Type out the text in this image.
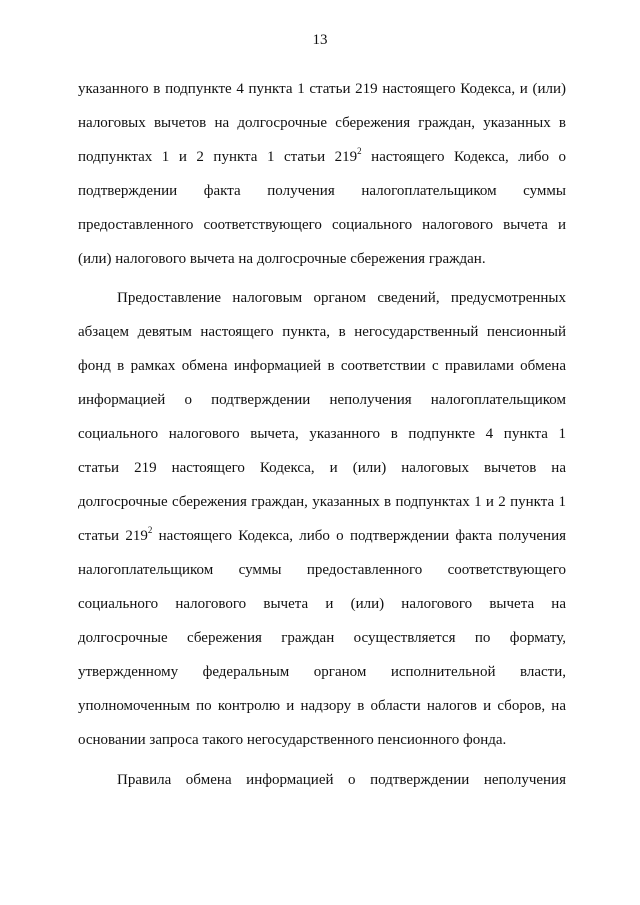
13
указанного в подпункте 4 пункта 1 статьи 219 настоящего Кодекса, и (или)
налоговых вычетов на долгосрочные сбережения граждан, указанных в
подпунктах 1 и 2 пункта 1 статьи $219^2$ настоящего Кодекса, либо о
подтверждении факта получения налогоплательщиком суммы
предоставленного соответствующего социального налогового вычета и
(или) налогового вычета на долгосрочные сбережения граждан.
Предоставление налоговым органом сведений, предусмотренных
абзацем девятым настоящего пункта, в негосударственный пенсионный
фонд в рамках обмена информацией в соответствии с правилами обмена
информацией о подтверждении неполучения налогоплательщиком
социального налогового вычета, указанного в подпункте 4 пункта 1
статьи 219 настоящего Кодекса, и (или) налоговых вычетов на
долгосрочные сбережения граждан, указанных в подпунктах 1 и 2 пункта 1
статьи $219^2$ настоящего Кодекса, либо о подтверждении факта получения
налогоплательщиком суммы предоставленного соответствующего
социального налогового вычета и (или) налогового вычета на
долгосрочные сбережения граждан осуществляется по формату,
утвержденному федеральным органом исполнительной власти,
уполномоченным по контролю и надзору в области налогов и сборов, на
основании запроса такого негосударственного пенсионного фонда.
Правила обмена информацией о подтверждении неполучения
